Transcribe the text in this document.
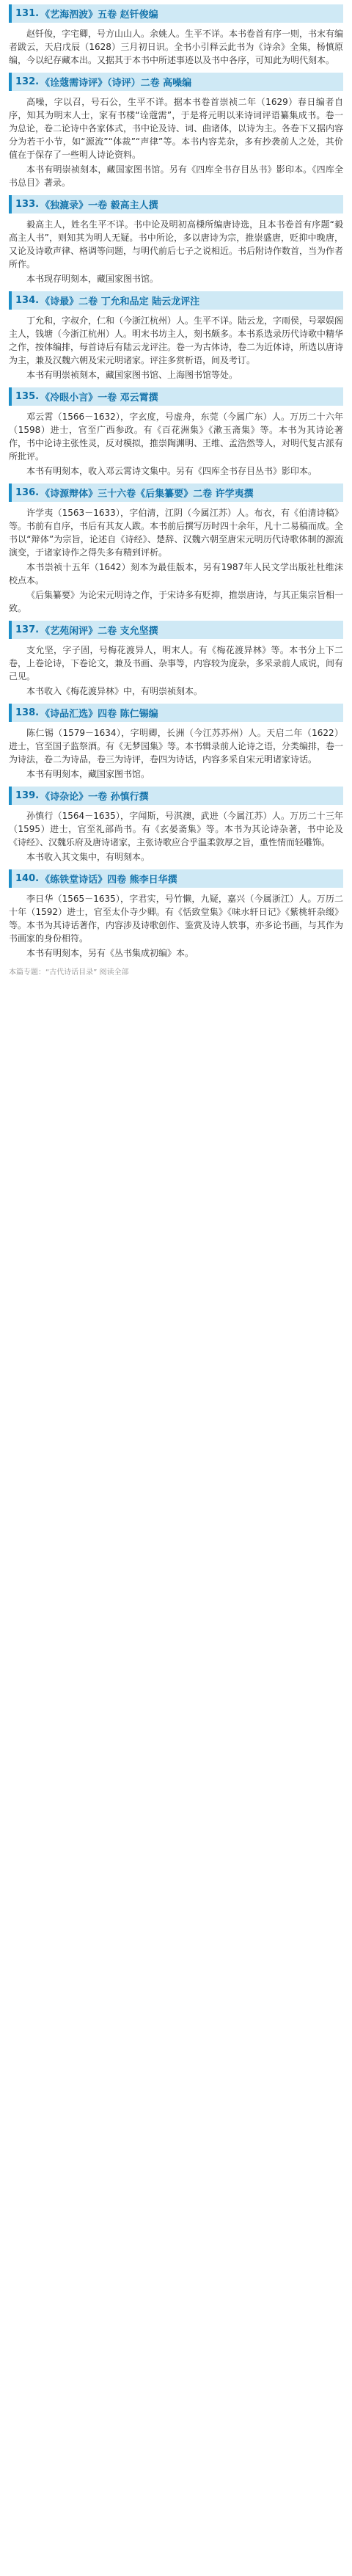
131. 《艺海泗波》五卷 赵钎俊编

赵钎俊，字宅卿，号方山山人。余姚人。生平不详。本书卷首有序一则，书末有编者跋云，天启戊辰（1628）三月初日识。全书小引释云此书为《诗余》全集，杨慎原编，今以纪存藏本出。又据其于本书中所述事迹以及书中各序，可知此为明代刻本。

132. 《诠蔻需诗评》（诗评）二卷 高噪编

高噪，字以召，号石公，生平不详。据本书卷首崇祯二年（1629）春日编者自序，知其为明末人士，家有书楼“诠蔻需”，于是将元明以来诗词评语纂集成书。卷一为总论，卷二论诗中各家体式，书中论及诗、词、曲诸体，以诗为主。各卷下又据内容分为若干小节，如“源流”“体裁”“声律”等。本书内容芜杂，多有抄袭前人之处，其价值在于保存了一些明人诗论资料。

本书有明崇祯刻本，藏国家图书馆。另有《四库全书存目丛书》影印本。《四库全书总目》著录。

133. 《独漉录》一卷 毅高主人撰

毅高主人，姓名生平不详。书中论及明初高棅所编唐诗选，且本书卷首有序题“毅高主人书”，则知其为明人无疑。书中所论，多以唐诗为宗，推崇盛唐，贬抑中晚唐，又论及诗歌声律、格调等问题，与明代前后七子之说相近。书后附诗作数首，当为作者所作。

本书现存明刻本，藏国家图书馆。

134. 《诗最》二卷 丁允和品定 陆云龙评注

丁允和，字叔介，仁和（今浙江杭州）人。生平不详。陆云龙，字雨侯，号翠娱阁主人，钱塘（今浙江杭州）人。明末书坊主人，刻书颇多。本书系选录历代诗歌中精华之作，按体编排，每首诗后有陆云龙评注。卷一为古体诗，卷二为近体诗，所选以唐诗为主，兼及汉魏六朝及宋元明诸家。评注多赏析语，间及考订。

本书有明崇祯刻本，藏国家图书馆、上海图书馆等处。

135. 《冷眼小言》一卷 邓云霄撰

邓云霄（1566－1632），字玄度，号虚舟，东莞（今属广东）人。万历二十六年（1598）进士，官至广西参政。有《百花洲集》《漱玉斋集》等。本书为其诗论著作，书中论诗主张性灵，反对模拟，推崇陶渊明、王维、孟浩然等人，对明代复古派有所批评。

本书有明刻本，收入邓云霄诗文集中。另有《四库全书存目丛书》影印本。

136. 《诗源辩体》三十六卷《后集纂要》二卷 许学夷撰

许学夷（1563－1633），字伯清，江阴（今属江苏）人。布衣，有《伯清诗稿》等。书前有自序，书后有其友人跋。本书前后撰写历时四十余年，凡十二易稿而成。全书以“辩体”为宗旨，论述自《诗经》、楚辞、汉魏六朝至唐宋元明历代诗歌体制的源流演变，于诸家诗作之得失多有精到评析。

本书崇祯十五年（1642）刻本为最佳版本，另有1987年人民文学出版社杜维沫校点本。

《后集纂要》为论宋元明诗之作，于宋诗多有贬抑，推崇唐诗，与其正集宗旨相一致。

137. 《艺苑闲评》二卷 支允坚撰

支允坚，字子固，号梅花渡异人，明末人。有《梅花渡异林》等。本书分上下二卷，上卷论诗，下卷论文，兼及书画、杂事等，内容较为庞杂，多采录前人成说，间有己见。

本书收入《梅花渡异林》中，有明崇祯刻本。

138. 《诗品汇选》四卷 陈仁锡编

陈仁锡（1579－1634），字明卿，长洲（今江苏苏州）人。天启二年（1622）进士，官至国子监祭酒。有《无梦园集》等。本书辑录前人论诗之语，分类编排，卷一为诗法，卷二为诗品，卷三为诗评，卷四为诗话，内容多采自宋元明诸家诗话。

本书有明刻本，藏国家图书馆。

139. 《诗杂论》一卷 孙慎行撰

孙慎行（1564－1635），字闻斯，号淇澳，武进（今属江苏）人。万历二十三年（1595）进士，官至礼部尚书。有《玄晏斋集》等。本书为其论诗杂著，书中论及《诗经》、汉魏乐府及唐诗诸家，主张诗歌应合乎温柔敦厚之旨，重性情而轻雕饰。

本书收入其文集中，有明刻本。

140. 《练铁堂诗话》四卷 熊李日华撰

李日华（1565－1635），字君实，号竹懒，九疑，嘉兴（今属浙江）人。万历二十年（1592）进士，官至太仆寺少卿。有《恬致堂集》《味水轩日记》《紫桃轩杂缀》等。本书为其诗话著作，内容涉及诗歌创作、鉴赏及诗人轶事，亦多论书画，与其作为书画家的身份相符。

本书有明刻本，另有《丛书集成初编》本。

本篇专题：“古代诗话目录” 阅读全部
